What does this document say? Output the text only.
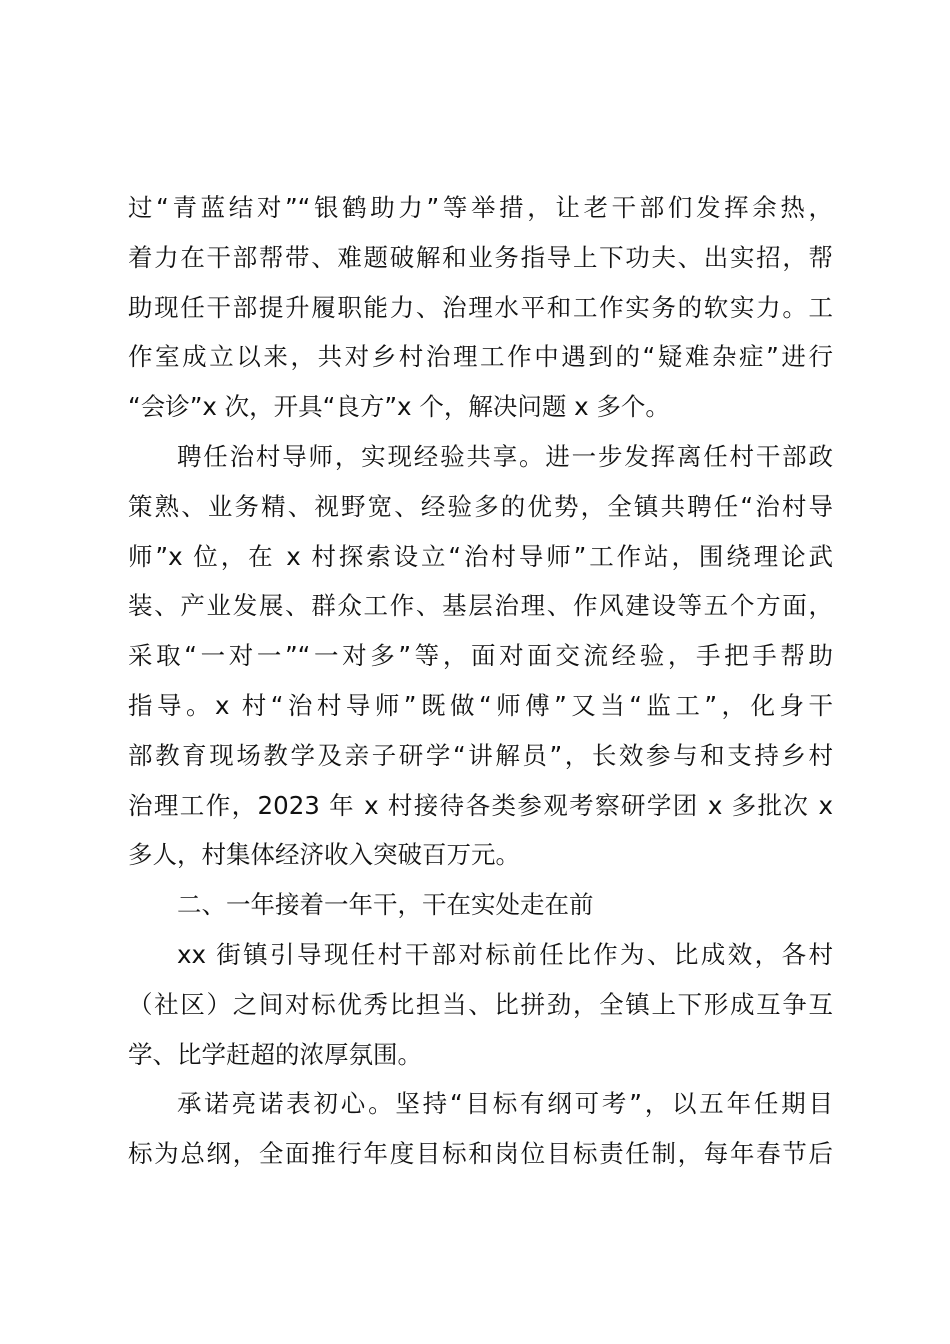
过“青蓝结对”“银鹤助力”等举措，让老干部们发挥余热，
着力在干部帮带、难题破解和业务指导上下功夫、出实招，帮
助现任干部提升履职能力、治理水平和工作实务的软实力。工
作室成立以来，共对乡村治理工作中遇到的“疑难杂症”进行
“会诊”x 次，开具“良方”x 个，解决问题 x 多个。
聘任治村导师，实现经验共享。进一步发挥离任村干部政
策熟、业务精、视野宽、经验多的优势，全镇共聘任“治村导
师”x 位，在 x 村探索设立“治村导师”工作站，围绕理论武
装、产业发展、群众工作、基层治理、作风建设等五个方面，
采取“一对一”“一对多”等，面对面交流经验，手把手帮助
指导。x 村“治村导师”既做“师傅”又当“监工”，化身干
部教育现场教学及亲子研学“讲解员”，长效参与和支持乡村
治理工作，2023 年 x 村接待各类参观考察研学团 x 多批次 x
多人，村集体经济收入突破百万元。
二、一年接着一年干，干在实处走在前
xx 街镇引导现任村干部对标前任比作为、比成效，各村
（社区）之间对标优秀比担当、比拼劲，全镇上下形成互争互
学、比学赶超的浓厚氛围。
承诺亮诺表初心。坚持“目标有纲可考”，以五年任期目
标为总纲，全面推行年度目标和岗位目标责任制，每年春节后
